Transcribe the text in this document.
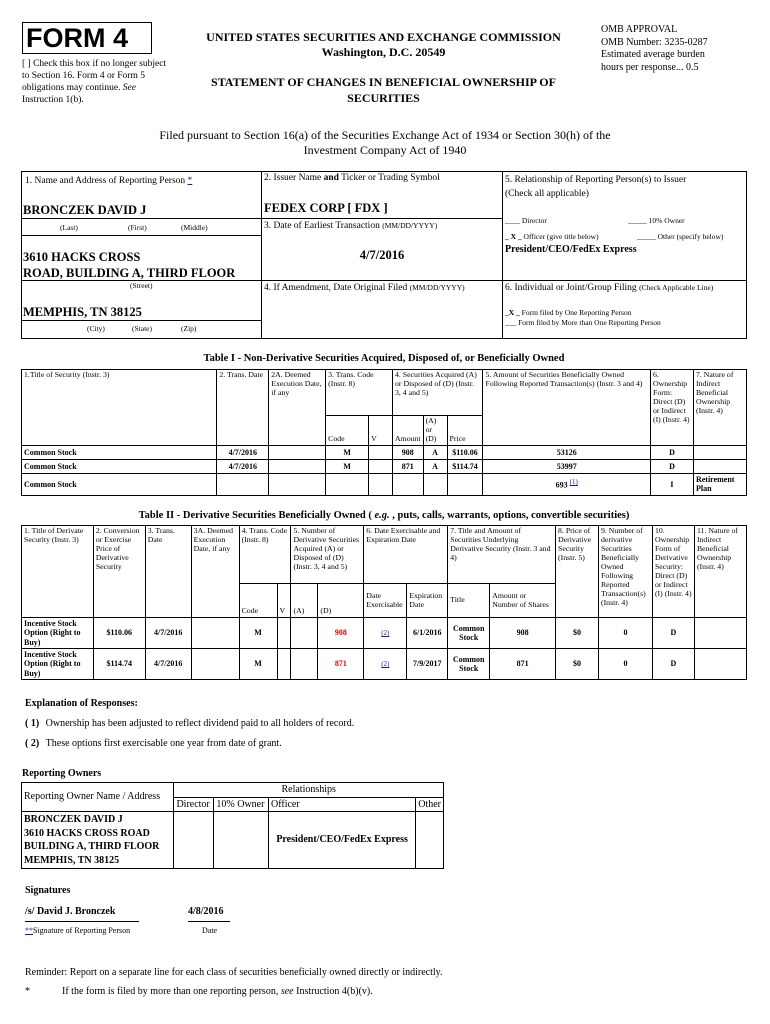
FORM 4
[ ] Check this box if no longer subject to Section 16. Form 4 or Form 5 obligations may continue. See Instruction 1(b).
UNITED STATES SECURITIES AND EXCHANGE COMMISSION
Washington, D.C. 20549
STATEMENT OF CHANGES IN BENEFICIAL OWNERSHIP OF SECURITIES
OMB APPROVAL
OMB Number: 3235-0287
Estimated average burden
hours per response... 0.5
Filed pursuant to Section 16(a) of the Securities Exchange Act of 1934 or Section 30(h) of the Investment Company Act of 1940
1. Name and Address of Reporting Person *
BRONCZEK DAVID J
(Last)	(First)	(Middle)
3610 HACKS CROSS
ROAD, BUILDING A, THIRD FLOOR
(Street)
MEMPHIS, TN 38125
(City)	(State)	(Zip)
2. Issuer Name and Ticker or Trading Symbol
FEDEX CORP [ FDX ]
3. Date of Earliest Transaction (MM/DD/YYYY)
4/7/2016
4. If Amendment, Date Original Filed (MM/DD/YYYY)
5. Relationship of Reporting Person(s) to Issuer
(Check all applicable)
____ Director	_____ 10% Owner
_ X _ Officer (give title below)	_____ Other (specify below)
President/CEO/FedEx Express
6. Individual or Joint/Group Filing (Check Applicable Line)
_X _ Form filed by One Reporting Person
___ Form filed by More than One Reporting Person
Table I - Non-Derivative Securities Acquired, Disposed of, or Beneficially Owned
1.Title of Security (Instr. 3)	2. Trans. Date	2A. Deemed Execution Date, if any	3. Trans. Code (Instr. 8)		4. Securities Acquired (A) or Disposed of (D) (Instr. 3, 4 and 5)			5. Amount of Securities Beneficially Owned Following Reported Transaction(s) (Instr. 3 and 4)	6. Ownership Form: Direct (D) or Indirect (I) (Instr. 4)	7. Nature of Indirect Beneficial Ownership (Instr. 4)
			Code	V	Amount	(A) or (D)	Price			
Common Stock	4/7/2016		M		908	A	$110.06	53126	D	
Common Stock	4/7/2016		M		871	A	$114.74	53997	D	
Common Stock								693 (1)	I	Retirement Plan
Table II - Derivative Securities Beneficially Owned ( e.g. , puts, calls, warrants, options, convertible securities)
1. Title of Derivate Security (Instr. 3)	2. Conversion or Exercise Price of Derivative Security	3. Trans. Date	3A. Deemed Execution Date, if any	4. Trans. Code (Instr. 8)		5. Number of Derivative Securities Acquired (A) or Disposed of (D) (Instr. 3, 4 and 5)		6. Date Exercisable and Expiration Date		7. Title and Amount of Securities Underlying Derivative Security (Instr. 3 and 4)		8. Price of Derivative Security (Instr. 5)	9. Number of derivative Securities Beneficially Owned Following Reported Transaction(s) (Instr. 4)	10. Ownership Form of Derivative Security: Direct (D) or Indirect (I) (Instr. 4)	11. Nature of Indirect Beneficial Ownership (Instr. 4)
				Code	V	(A)	(D)	Date Exercisable	Expiration Date	Title	Amount or Number of Shares				
Incentive Stock Option (Right to Buy)	$110.06	4/7/2016		M			908	(2)	6/1/2016	Common Stock	908	$0	0	D	
Incentive Stock Option (Right to Buy)	$114.74	4/7/2016		M			871	(2)	7/9/2017	Common Stock	871	$0	0	D	
Explanation of Responses:
( 1) Ownership has been adjusted to reflect dividend paid to all holders of record.
( 2) These options first exercisable one year from date of grant.
Reporting Owners
Reporting Owner Name / Address	Relationships			
	Director	10% Owner	Officer	Other

BRONCZEK DAVID J
3610 HACKS CROSS ROAD
BUILDING A, THIRD FLOOR
MEMPHIS, TN 38125			President/CEO/FedEx Express	
Signatures
/s/ David J. Bronczek	4/8/2016
**Signature of Reporting Person	Date
Reminder: Report on a separate line for each class of securities beneficially owned directly or indirectly.
*	If the form is filed by more than one reporting person, see Instruction 4(b)(v).
